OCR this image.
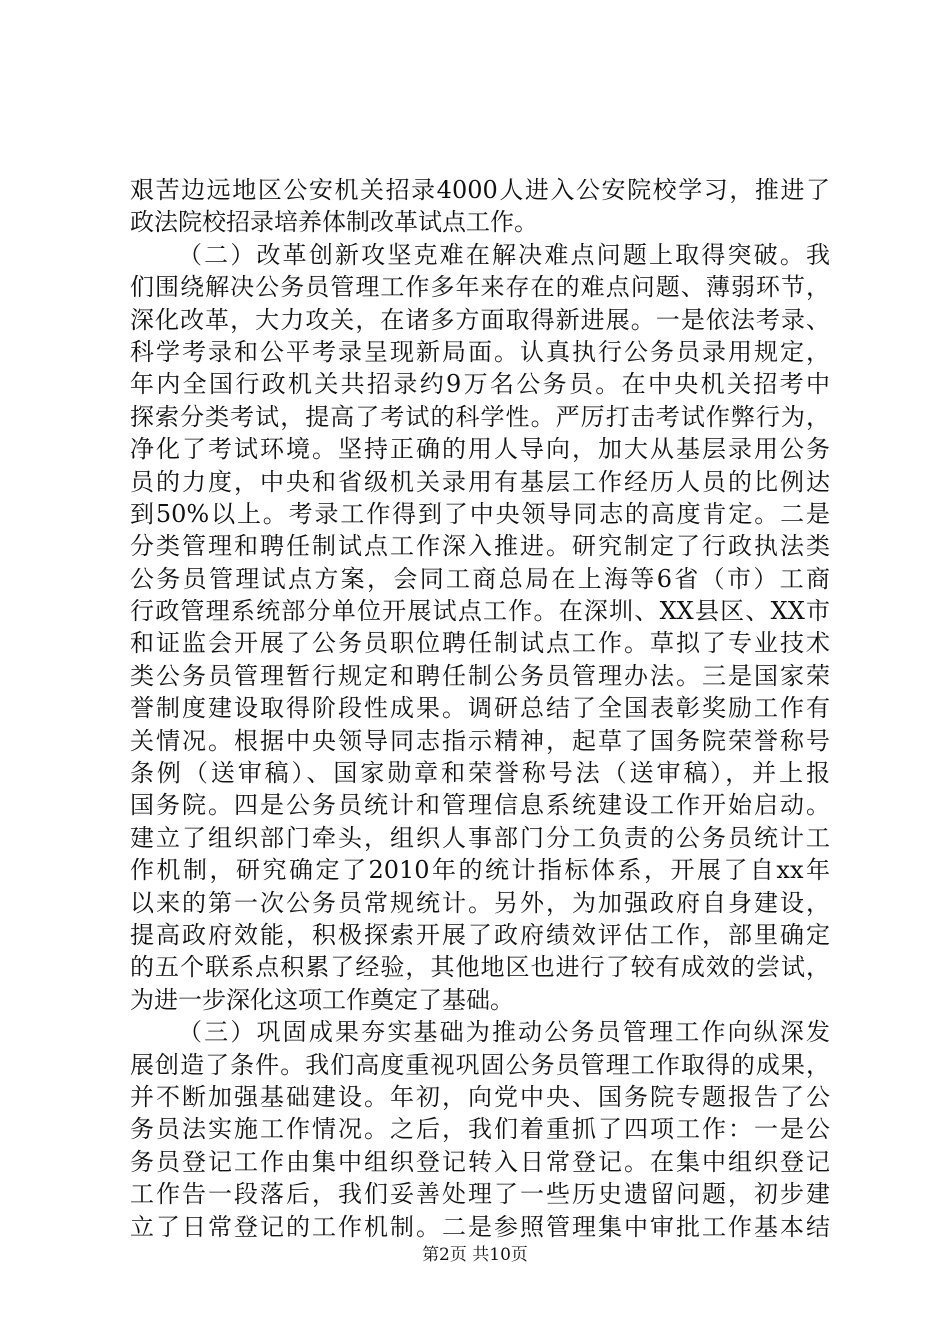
艰苦边远地区公安机关招录4000人进入公安院校学习，推进了
政法院校招录培养体制改革试点工作。
（二）改革创新攻坚克难在解决难点问题上取得突破。我
们围绕解决公务员管理工作多年来存在的难点问题、薄弱环节，
深化改革，大力攻关，在诸多方面取得新进展。一是依法考录、
科学考录和公平考录呈现新局面。认真执行公务员录用规定，
年内全国行政机关共招录约9万名公务员。在中央机关招考中
探索分类考试，提高了考试的科学性。严厉打击考试作弊行为，
净化了考试环境。坚持正确的用人导向，加大从基层录用公务
员的力度，中央和省级机关录用有基层工作经历人员的比例达
到50%以上。考录工作得到了中央领导同志的高度肯定。二是
分类管理和聘任制试点工作深入推进。研究制定了行政执法类
公务员管理试点方案，会同工商总局在上海等6省（市）工商
行政管理系统部分单位开展试点工作。在深圳、XX县区、XX市
和证监会开展了公务员职位聘任制试点工作。草拟了专业技术
类公务员管理暂行规定和聘任制公务员管理办法。三是国家荣
誉制度建设取得阶段性成果。调研总结了全国表彰奖励工作有
关情况。根据中央领导同志指示精神，起草了国务院荣誉称号
条例（送审稿）、国家勋章和荣誉称号法（送审稿），并上报
国务院。四是公务员统计和管理信息系统建设工作开始启动。
建立了组织部门牵头，组织人事部门分工负责的公务员统计工
作机制，研究确定了2010年的统计指标体系，开展了自xx年
以来的第一次公务员常规统计。另外，为加强政府自身建设，
提高政府效能，积极探索开展了政府绩效评估工作，部里确定
的五个联系点积累了经验，其他地区也进行了较有成效的尝试，
为进一步深化这项工作奠定了基础。
（三）巩固成果夯实基础为推动公务员管理工作向纵深发
展创造了条件。我们高度重视巩固公务员管理工作取得的成果，
并不断加强基础建设。年初，向党中央、国务院专题报告了公
务员法实施工作情况。之后，我们着重抓了四项工作：一是公
务员登记工作由集中组织登记转入日常登记。在集中组织登记
工作告一段落后，我们妥善处理了一些历史遗留问题，初步建
立了日常登记的工作机制。二是参照管理集中审批工作基本结
第2页 共10页
